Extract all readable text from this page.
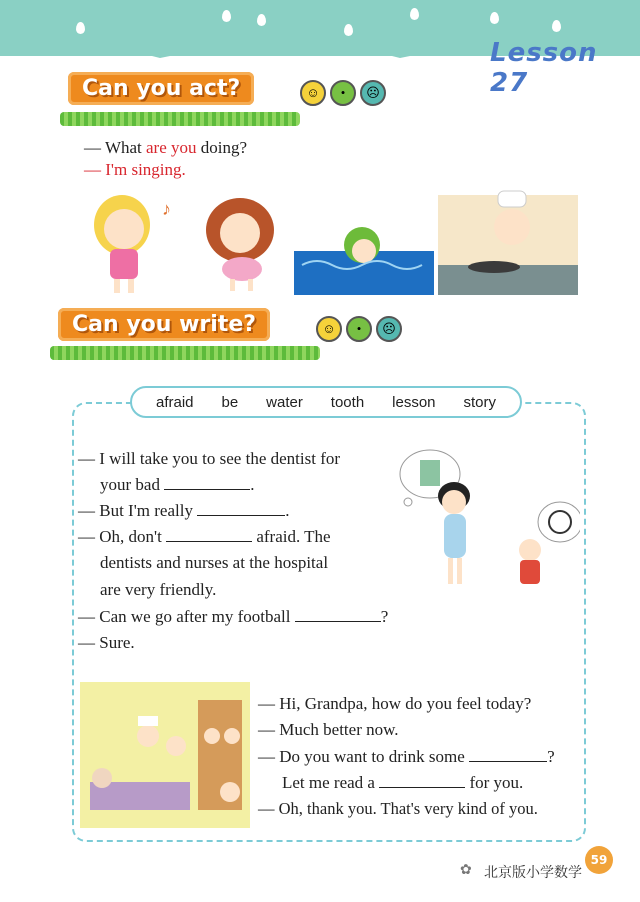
Lesson 27
Can you act?	☺	•	☹
— What are you doing?
— I'm singing.
♪
Can you write?	☺	•	☹
afraid be water tooth lesson story
— I will take you to see the dentist for
your bad	.
— But I'm really	.
— Oh, don't	afraid. The
dentists and nurses at the hospital
are very friendly.
— Can we go after my football	?
— Sure.
— Hi, Grandpa, how do you feel today?
— Much better now.
— Do you want to drink some	?
Let me read a	for you.
— Oh, thank you. That's very kind of you.
59
✿ 北京版小学数学
